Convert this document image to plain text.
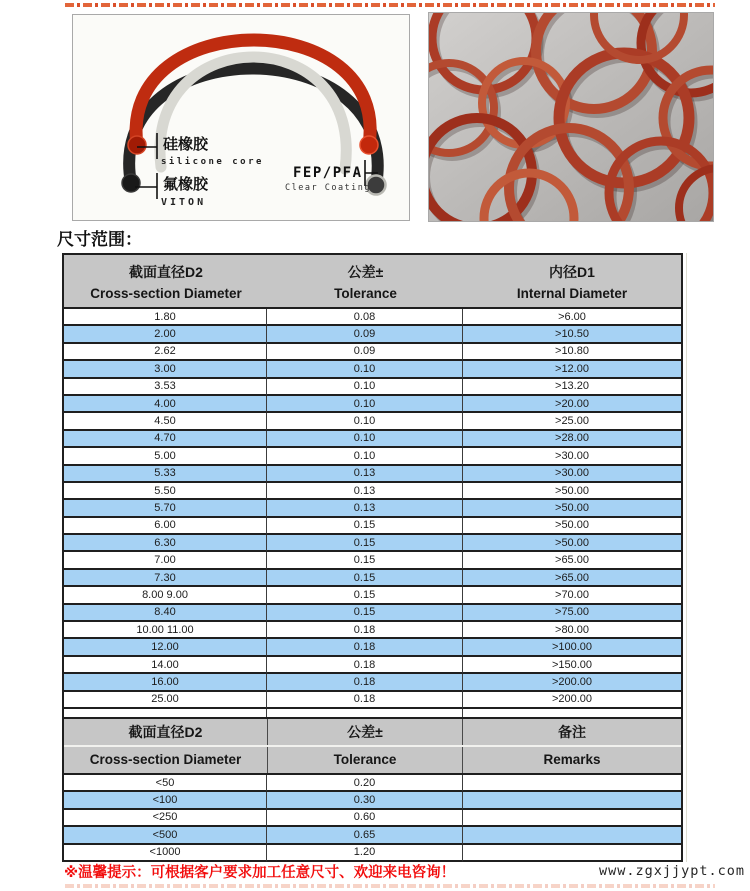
硅橡胶
silicone core
氟橡胶
VITON
FEP/PFA
Clear Coating
尺寸范围：
截面直径D2
Cross-section Diameter
公差±
Tolerance
内径D1
Internal Diameter
1.80	0.08	>6.00
2.00	0.09	>10.50
2.62	0.09	>10.80
3.00	0.10	>12.00
3.53	0.10	>13.20
4.00	0.10	>20.00
4.50	0.10	>25.00
4.70	0.10	>28.00
5.00	0.10	>30.00
5.33	0.13	>30.00
5.50	0.13	>50.00
5.70	0.13	>50.00
6.00	0.15	>50.00
6.30	0.15	>50.00
7.00	0.15	>65.00
7.30	0.15	>65.00
8.00 9.00	0.15	>70.00
8.40	0.15	>75.00
10.00 11.00	0.18	>80.00
12.00	0.18	>100.00
14.00	0.18	>150.00
16.00	0.18	>200.00
25.00	0.18	>200.00
截面直径D2	公差±	备注
Cross-section Diameter	Tolerance	Remarks
<50	0.20
<100	0.30
<250	0.60
<500	0.65
<1000	1.20
※温馨提示：可根据客户要求加工任意尺寸、欢迎来电咨询！	www.zgxjjypt.com
